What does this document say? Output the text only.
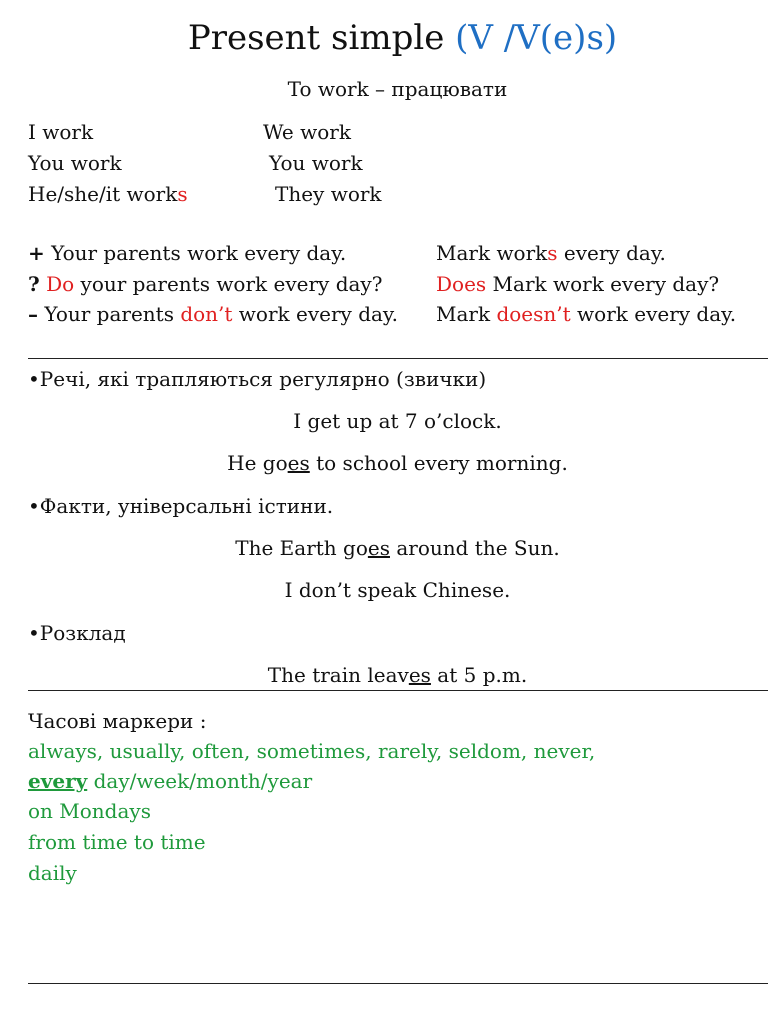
Present simple (V /V(e)s)
To work – працювати
I work
You work
He/she/it works
We work
You work
They work
+ Your parents work every day.	Mark works every day.
? Do your parents work every day?	Does Mark work every day?
– Your parents don’t work every day. Mark doesn’t work every day.
•Речі, які трапляються регулярно (звички)
I get up at 7 o’clock.
He goes to school every morning.
•Факти, універсальні істини.
The Earth goes around the Sun.
I don’t speak Chinese.
•Розклад
The train leaves at 5 p.m.
Часові маркери :
always, usually, often, sometimes, rarely, seldom, never,
every day/week/month/year
on Mondays
from time to time
daily
